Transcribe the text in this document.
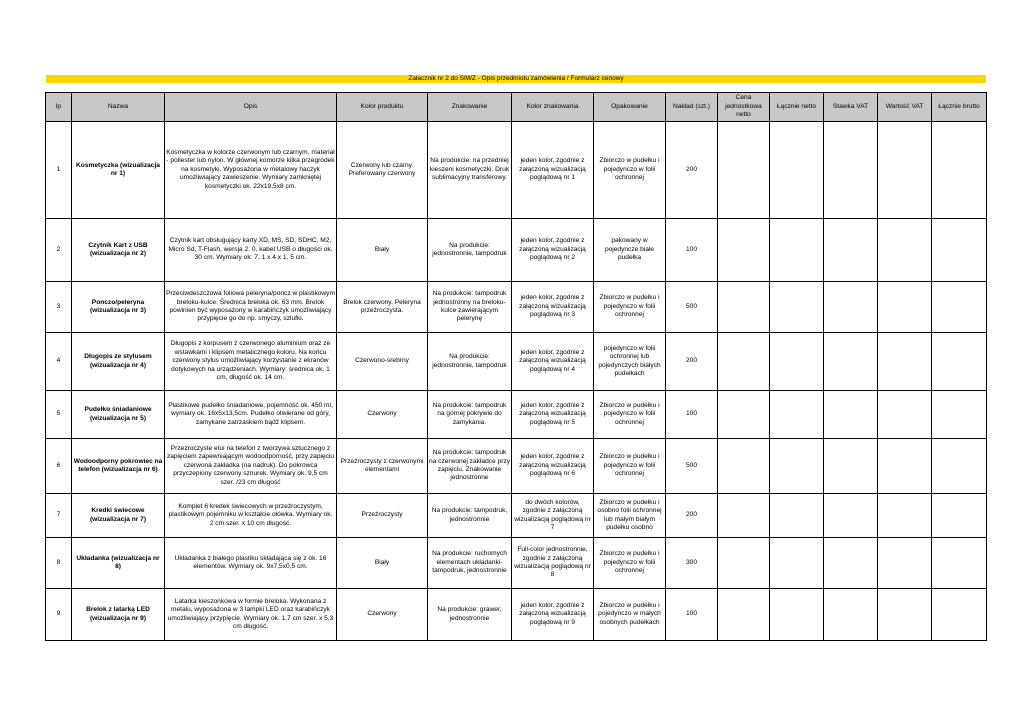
Załacznik nr 2 do SIWZ - Opis przedmiotu zamówienia / Formularz cenowy
lp	Nazwa	Opis	Kolor produktu	Znakowanie	Kolor znakowania	Opakowanie	Nakład (szt.)	Cena jednostkowa netto	Łącznie netto	Stawka VAT	Wartość VAT	Łącznie brutto
1	Kosmetyczka (wizualizacja nr 1)	Kosmetyczka w kolorze czerwonym lub czarnym, materiał - poliester lub nylon. W głównej komorze kilka przegródek na kosmetyki. Wyposażona w metalowy haczyk umożliwiający zawieszenie. Wymiary zamkniętej kosmetyczki ok. 22x19,5x8 cm.	Czerwony lub czarny. Preferowany czerwony	Na produkcie: na przedniej kieszeni kosmetyczki. Druk sublimacyjny transferowy.	jeden kolor, zgodnie z załączoną wizualizacją poglądową nr 1	Zbiorczo w pudełku i pojedynczo w folii ochronnej	200					
2	Czytnik Kart z USB (wizualizacja nr 2)	Czytnik kart obsługujący karty XD, MS, SD, SDHC, M2, Micro Sd, T-Flash, wersja 2. 0, kabel USB o długości ok. 30 cm. Wymiary ok: 7, 1 x 4 x 1, 5 cm.	Biały	Na produkcie: jednostronnie, tampodruk	jeden kolor, zgodnie z załączoną wizualizacją poglądową nr 2	pakowany w pojedyncze białe pudełka	100					
3	Ponczo/peleryna (wizualizacja nr 3)	Przeciwdeszczowa foliowa peleryna/poncz w plastikowym breloku-kulce. Średnica breloka ok. 63 mm. Brelok powinien być wyposażony w karabińczyk umożliwiający przypięcie go do np. smyczy, szlufki.	Brelok czerwony. Peleryna przeźroczysta.	Na produkcie: tampodruk jednostronny na breloku-kulce zawierającym pelerynę	jeden kolor, zgodnie z załączoną wizualizacją poglądową nr 3	Zbiorczo w pudełku i pojedynczo w folii ochronnej	500					
4	Długopis ze stylusem (wizualizacja nr 4)	Długopis z korpusem z czerwonego aluminium oraz ze wstawkami i klipsem metalicznego koloru. Na końcu czerwony stylus umożliwiający korzystanie z ekranów dotykowych na urządzeniach. Wymiary: średnica ok. 1 cm, długość ok. 14 cm.	Czerwono-srebrny	Na produkcie: jednostronnie, tampodruk	jeden kolor, zgodnie z załączoną wizualizacją poglądową nr 4	pojedynczo w folii ochronnej lub pojedynczych białych pudełkach	200					
5	Pudełko śniadaniowe (wizualizacja nr 5)	Plastikowe pudełko śniadaniowe, pojemność ok. 450 ml, wymiary ok. 16x5x13,5cm. Pudełko otwierane od góry, zamykane zatrzaskiem bądź klipsem.	Czerwony	Na produkcie: tampodruk na górnej pokrywie do zamykania.	jeden kolor, zgodnie z załączoną wizualizacją poglądową nr 5	Zbiorczo w pudełku i pojedynczo w folii ochronnej	100					
6	Wodoodporny pokrowiec na telefon (wizualizacja nr 6)	Przezroczyste etui na telefon z tworzywa sztucznego z zapięciem zapewniającym wodoodporność, przy zapięciu czerwona zakładka (na nadruk). Do pokrowca przyczepiony czerwony sznurek. Wymiary ok. 9,5 cm szer. /23 cm długość	Przeźroczysty z czerwonymi elementami	Na produkcie: tampodruk na czerwonej zakładce przy zapięciu. Znakowanie jednostronne	jeden kolor, zgodnie z załączoną wizualizacją poglądową nr 6	Zbiorczo w pudełku i pojedynczo w folii ochronnej	500					
7	Kredki świecowe (wizualizacja nr 7)	Komplet 6 kredek świecowych w przeźroczystym, plastikowym pojemniku w kształcie ołówka. Wymiary ok. 2 cm szer. x 10 cm długość.	Przeźroczysty	Na produkcie: tampodruk, jednostronnie	do dwóch kolorów, zgodnie z załączoną wizualizacją poglądową nr 7	Zbiorczo w pudełku i osobno folii ochronnej lub małym białym pudełku osobno	200					
8	Układanka (wizualizacja nr 8)	Układanka z białego plastiku składająca się z ok. 16 elementów. Wymiary ok. 9x7,5x0,5 cm.	Biały	Na produkcie: ruchomych elementach układanki-tampodruk, jednostronnie	Full-color jednostronnie, zgodnie z załączoną wizualizacją poglądową nr 8	Zbiorczo w pudełku i pojedynczo w folii ochronnej	300					
9	Brelok z latarką LED (wizualizacja nr 9)	Latarka kieszonkowa w formie breloka. Wykonana z metalu, wyposażona w 3 lampki LED oraz karabińczyk umożliwiający przypięcie. Wymiary ok. 1,7 cm szer. x 5,3 cm długość.	Czerwony	Na produkcie: grawer, jednostronnie	jeden kolor, zgodnie z załączoną wizualizacją poglądową nr 9	Zbiorczo w pudełku i pojedynczo w małych osobnych pudełkach	100					
